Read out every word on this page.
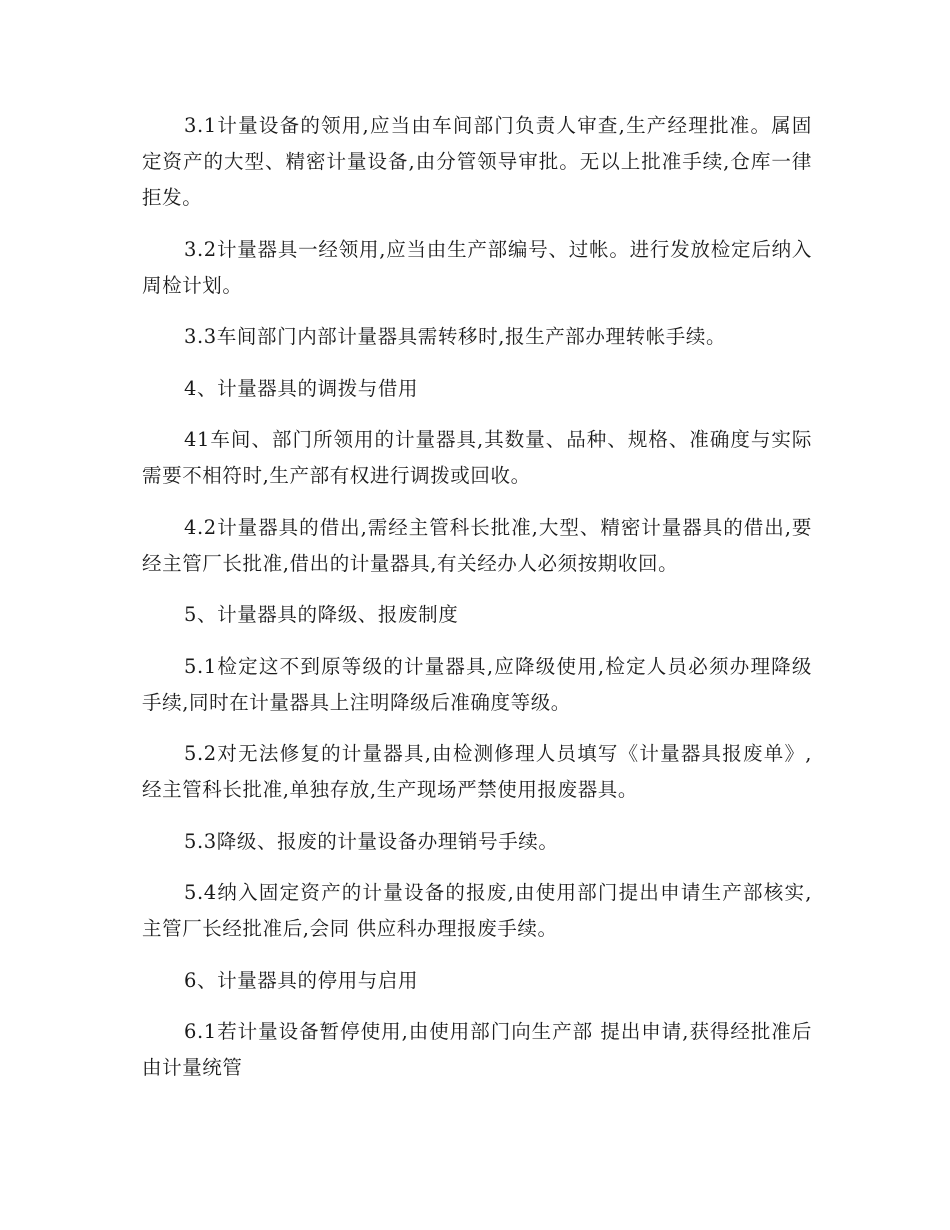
3.1计量设备的领用,应当由车间部门负责人审查,生产经理批准。属固定资产的大型、精密计量设备,由分管领导审批。无以上批准手续,仓库一律拒发。

3.2计量器具一经领用,应当由生产部编号、过帐。进行发放检定后纳入周检计划。

3.3车间部门内部计量器具需转移时,报生产部办理转帐手续。

4、计量器具的调拨与借用

41车间、部门所领用的计量器具,其数量、品种、规格、准确度与实际需要不相符时,生产部有权进行调拨或回收。

4.2计量器具的借出,需经主管科长批准,大型、精密计量器具的借出,要经主管厂长批准,借出的计量器具,有关经办人必须按期收回。

5、计量器具的降级、报废制度

5.1检定这不到原等级的计量器具,应降级使用,检定人员必须办理降级手续,同时在计量器具上注明降级后准确度等级。

5.2对无法修复的计量器具,由检测修理人员填写《计量器具报废单》,经主管科长批准,单独存放,生产现场严禁使用报废器具。

5.3降级、报废的计量设备办理销号手续。

5.4纳入固定资产的计量设备的报废,由使用部门提出申请生产部核实,主管厂长经批准后,会同 供应科办理报废手续。

6、计量器具的停用与启用

6.1若计量设备暂停使用,由使用部门向生产部 提出申请,获得经批准后由计量统管
